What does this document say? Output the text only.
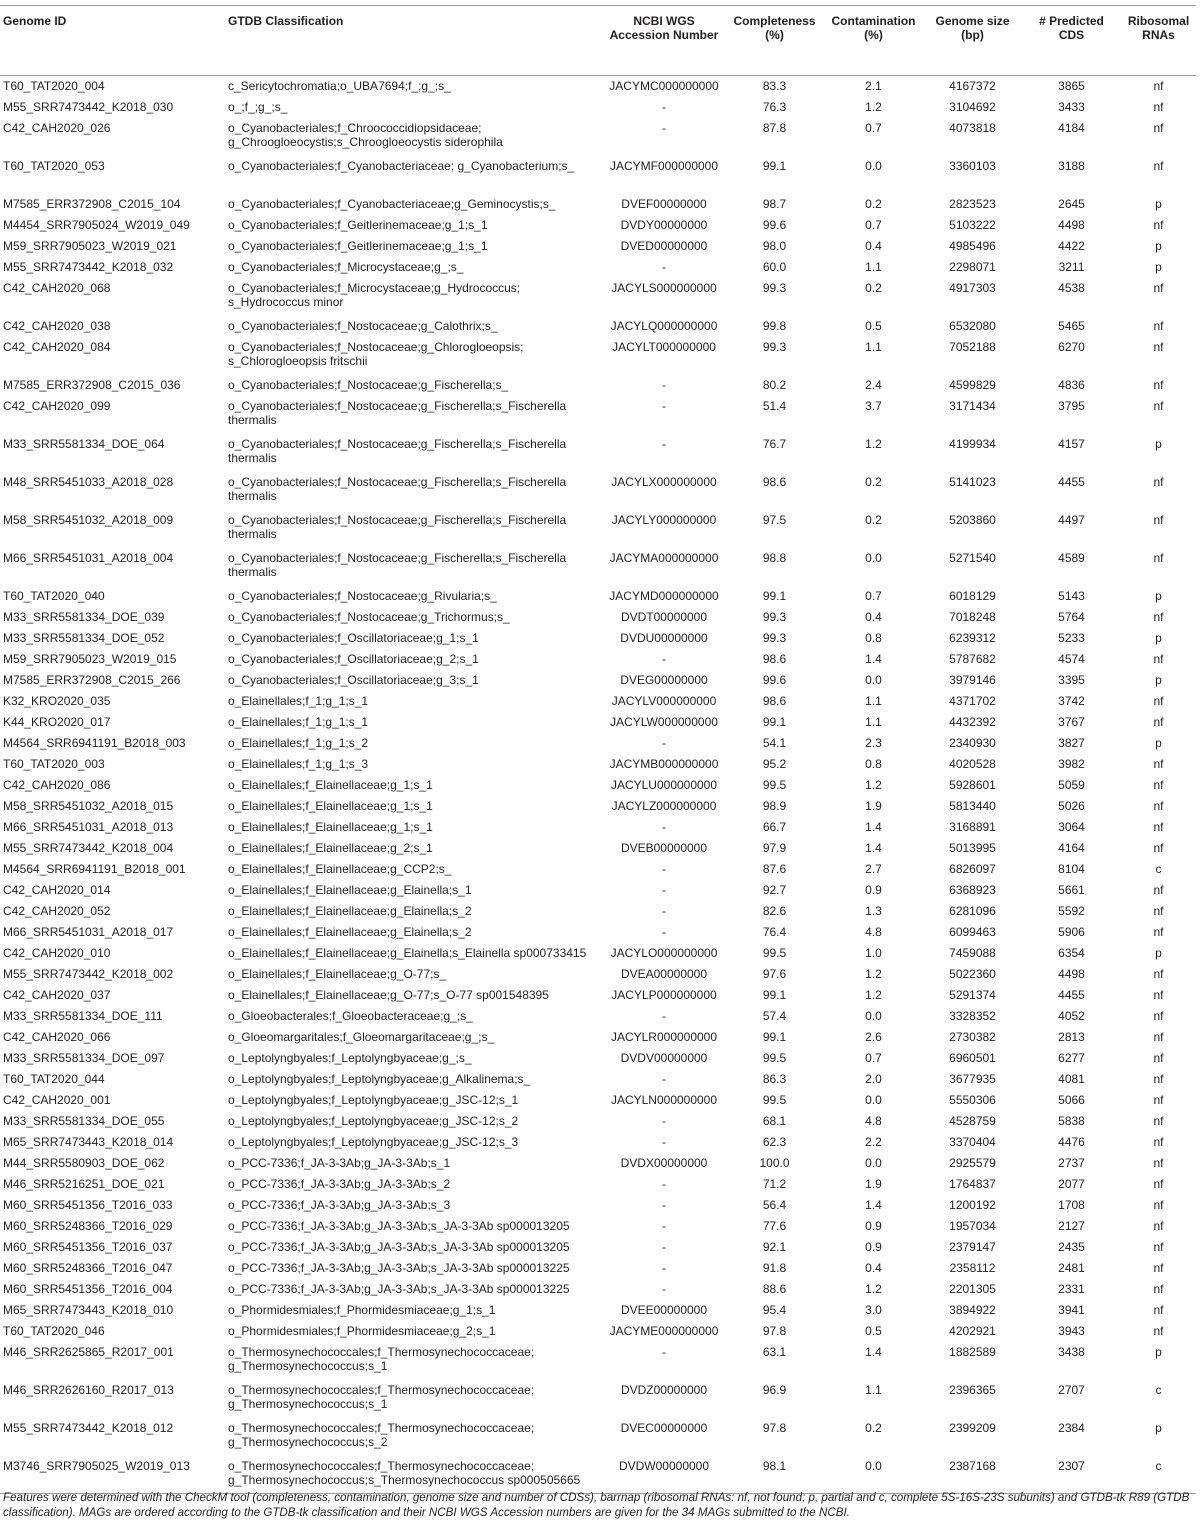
Genome ID	GTDB Classification	NCBI WGS Accession Number	Completeness (%)	Contamination (%)	Genome size (bp)	# Predicted CDS	Ribosomal RNAs
T60_TAT2020_004	c_Sericytochromatia;o_UBA7694;f_;g_;s_	JACYMC000000000	83.3	2.1	4167372	3865	nf
M55_SRR7473442_K2018_030	o_;f_;g_;s_	-	76.3	1.2	3104692	3433	nf
C42_CAH2020_026	o_Cyanobacteriales;f_Chroococcidiopsidaceae; g_Chroogloeocystis;s_Chroogloeocystis siderophila	-	87.8	0.7	4073818	4184	nf
T60_TAT2020_053	o_Cyanobacteriales;f_Cyanobacteriaceae; g_Cyanobacterium;s_	JACYMF000000000	99.1	0.0	3360103	3188	nf
M7585_ERR372908_C2015_104	o_Cyanobacteriales;f_Cyanobacteriaceae;g_Geminocystis;s_	DVEF00000000	98.7	0.2	2823523	2645	p
M4454_SRR7905024_W2019_049	o_Cyanobacteriales;f_Geitlerinemaceae;g_1;s_1	DVDY00000000	99.6	0.7	5103222	4498	nf
M59_SRR7905023_W2019_021	o_Cyanobacteriales;f_Geitlerinemaceae;g_1;s_1	DVED00000000	98.0	0.4	4985496	4422	p
M55_SRR7473442_K2018_032	o_Cyanobacteriales;f_Microcystaceae;g_;s_	-	60.0	1.1	2298071	3211	p
C42_CAH2020_068	o_Cyanobacteriales;f_Microcystaceae;g_Hydrococcus; s_Hydrococcus minor	JACYLS000000000	99.3	0.2	4917303	4538	nf
C42_CAH2020_038	o_Cyanobacteriales;f_Nostocaceae;g_Calothrix;s_	JACYLQ000000000	99.8	0.5	6532080	5465	nf
C42_CAH2020_084	o_Cyanobacteriales;f_Nostocaceae;g_Chlorogloeopsis; s_Chlorogloeopsis fritschii	JACYLT000000000	99.3	1.1	7052188	6270	nf
M7585_ERR372908_C2015_036	o_Cyanobacteriales;f_Nostocaceae;g_Fischerella;s_	-	80.2	2.4	4599829	4836	nf
C42_CAH2020_099	o_Cyanobacteriales;f_Nostocaceae;g_Fischerella;s_Fischerella thermalis	-	51.4	3.7	3171434	3795	nf
M33_SRR5581334_DOE_064	o_Cyanobacteriales;f_Nostocaceae;g_Fischerella;s_Fischerella thermalis	-	76.7	1.2	4199934	4157	p
M48_SRR5451033_A2018_028	o_Cyanobacteriales;f_Nostocaceae;g_Fischerella;s_Fischerella thermalis	JACYLX000000000	98.6	0.2	5141023	4455	nf
M58_SRR5451032_A2018_009	o_Cyanobacteriales;f_Nostocaceae;g_Fischerella;s_Fischerella thermalis	JACYLY000000000	97.5	0.2	5203860	4497	nf
M66_SRR5451031_A2018_004	o_Cyanobacteriales;f_Nostocaceae;g_Fischerella;s_Fischerella thermalis	JACYMA000000000	98.8	0.0	5271540	4589	nf
T60_TAT2020_040	o_Cyanobacteriales;f_Nostocaceae;g_Rivularia;s_	JACYMD000000000	99.1	0.7	6018129	5143	p
M33_SRR5581334_DOE_039	o_Cyanobacteriales;f_Nostocaceae;g_Trichormus;s_	DVDT00000000	99.3	0.4	7018248	5764	nf
M33_SRR5581334_DOE_052	o_Cyanobacteriales;f_Oscillatoriaceae;g_1;s_1	DVDU00000000	99.3	0.8	6239312	5233	p
M59_SRR7905023_W2019_015	o_Cyanobacteriales;f_Oscillatoriaceae;g_2;s_1	-	98.6	1.4	5787682	4574	nf
M7585_ERR372908_C2015_266	o_Cyanobacteriales;f_Oscillatoriaceae;g_3;s_1	DVEG00000000	99.6	0.0	3979146	3395	p
K32_KRO2020_035	o_Elainellales;f_1;g_1;s_1	JACYLV000000000	98.6	1.1	4371702	3742	nf
K44_KRO2020_017	o_Elainellales;f_1;g_1;s_1	JACYLW000000000	99.1	1.1	4432392	3767	nf
M4564_SRR6941191_B2018_003	o_Elainellales;f_1;g_1;s_2	-	54.1	2.3	2340930	3827	p
T60_TAT2020_003	o_Elainellales;f_1;g_1;s_3	JACYMB000000000	95.2	0.8	4020528	3982	nf
C42_CAH2020_086	o_Elainellales;f_Elainellaceae;g_1;s_1	JACYLU000000000	99.5	1.2	5928601	5059	nf
M58_SRR5451032_A2018_015	o_Elainellales;f_Elainellaceae;g_1;s_1	JACYLZ000000000	98.9	1.9	5813440	5026	nf
M66_SRR5451031_A2018_013	o_Elainellales;f_Elainellaceae;g_1;s_1	-	66.7	1.4	3168891	3064	nf
M55_SRR7473442_K2018_004	o_Elainellales;f_Elainellaceae;g_2;s_1	DVEB00000000	97.9	1.4	5013995	4164	nf
M4564_SRR6941191_B2018_001	o_Elainellales;f_Elainellaceae;g_CCP2;s_	-	87.6	2.7	6826097	8104	c
C42_CAH2020_014	o_Elainellales;f_Elainellaceae;g_Elainella;s_1	-	92.7	0.9	6368923	5661	nf
C42_CAH2020_052	o_Elainellales;f_Elainellaceae;g_Elainella;s_2	-	82.6	1.3	6281096	5592	nf
M66_SRR5451031_A2018_017	o_Elainellales;f_Elainellaceae;g_Elainella;s_2	-	76.4	4.8	6099463	5906	nf
C42_CAH2020_010	o_Elainellales;f_Elainellaceae;g_Elainella;s_Elainella sp000733415	JACYLO000000000	99.5	1.0	7459088	6354	p
M55_SRR7473442_K2018_002	o_Elainellales;f_Elainellaceae;g_O-77;s_	DVEA00000000	97.6	1.2	5022360	4498	nf
C42_CAH2020_037	o_Elainellales;f_Elainellaceae;g_O-77;s_O-77 sp001548395	JACYLP000000000	99.1	1.2	5291374	4455	nf
M33_SRR5581334_DOE_111	o_Gloeobacterales;f_Gloeobacteraceae;g_;s_	-	57.4	0.0	3328352	4052	nf
C42_CAH2020_066	o_Gloeomargaritales;f_Gloeomargaritaceae;g_;s_	JACYLR000000000	99.1	2.6	2730382	2813	nf
M33_SRR5581334_DOE_097	o_Leptolyngbyales;f_Leptolyngbyaceae;g_;s_	DVDV00000000	99.5	0.7	6960501	6277	nf
T60_TAT2020_044	o_Leptolyngbyales;f_Leptolyngbyaceae;g_Alkalinema;s_	-	86.3	2.0	3677935	4081	nf
C42_CAH2020_001	o_Leptolyngbyales;f_Leptolyngbyaceae;g_JSC-12;s_1	JACYLN000000000	99.5	0.0	5550306	5066	nf
M33_SRR5581334_DOE_055	o_Leptolyngbyales;f_Leptolyngbyaceae;g_JSC-12;s_2	-	68.1	4.8	4528759	5838	nf
M65_SRR7473443_K2018_014	o_Leptolyngbyales;f_Leptolyngbyaceae;g_JSC-12;s_3	-	62.3	2.2	3370404	4476	nf
M44_SRR5580903_DOE_062	o_PCC-7336;f_JA-3-3Ab;g_JA-3-3Ab;s_1	DVDX00000000	100.0	0.0	2925579	2737	nf
M46_SRR5216251_DOE_021	o_PCC-7336;f_JA-3-3Ab;g_JA-3-3Ab;s_2	-	71.2	1.9	1764837	2077	nf
M60_SRR5451356_T2016_033	o_PCC-7336;f_JA-3-3Ab;g_JA-3-3Ab;s_3	-	56.4	1.4	1200192	1708	nf
M60_SRR5248366_T2016_029	o_PCC-7336;f_JA-3-3Ab;g_JA-3-3Ab;s_JA-3-3Ab sp000013205	-	77.6	0.9	1957034	2127	nf
M60_SRR5451356_T2016_037	o_PCC-7336;f_JA-3-3Ab;g_JA-3-3Ab;s_JA-3-3Ab sp000013205	-	92.1	0.9	2379147	2435	nf
M60_SRR5248366_T2016_047	o_PCC-7336;f_JA-3-3Ab;g_JA-3-3Ab;s_JA-3-3Ab sp000013225	-	91.8	0.4	2358112	2481	nf
M60_SRR5451356_T2016_004	o_PCC-7336;f_JA-3-3Ab;g_JA-3-3Ab;s_JA-3-3Ab sp000013225	-	88.6	1.2	2201305	2331	nf
M65_SRR7473443_K2018_010	o_Phormidesmiales;f_Phormidesmiaceae;g_1;s_1	DVEE00000000	95.4	3.0	3894922	3941	nf
T60_TAT2020_046	o_Phormidesmiales;f_Phormidesmiaceae;g_2;s_1	JACYME000000000	97.8	0.5	4202921	3943	nf
M46_SRR2625865_R2017_001	o_Thermosynechococcales;f_Thermosynechococcaceae; g_Thermosynechococcus;s_1	-	63.1	1.4	1882589	3438	p
M46_SRR2626160_R2017_013	o_Thermosynechococcales;f_Thermosynechococcaceae; g_Thermosynechococcus;s_1	DVDZ00000000	96.9	1.1	2396365	2707	c
M55_SRR7473442_K2018_012	o_Thermosynechococcales;f_Thermosynechococcaceae; g_Thermosynechococcus;s_2	DVEC00000000	97.8	0.2	2399209	2384	p
M3746_SRR7905025_W2019_013	o_Thermosynechococcales;f_Thermosynechococcaceae; g_Thermosynechococcus;s_Thermosynechococcus sp000505665	DVDW00000000	98.1	0.0	2387168	2307	c
Features were determined with the CheckM tool (completeness, contamination, genome size and number of CDSs), barrnap (ribosomal RNAs: nf, not found; p, partial and c, complete 5S-16S-23S subunits) and GTDB-tk R89 (GTDB classification). MAGs are ordered according to the GTDB-tk classification and their NCBI WGS Accession numbers are given for the 34 MAGs submitted to the NCBI.
